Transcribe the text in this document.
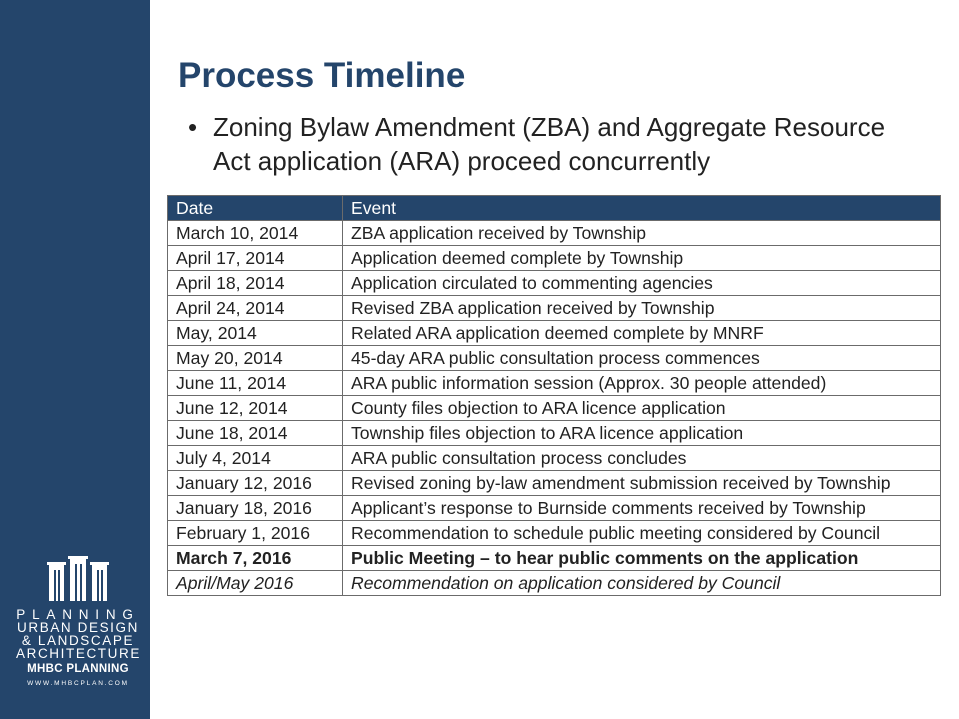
PLANNING
URBAN DESIGN
& LANDSCAPE
ARCHITECTURE
MHBC PLANNING
WWW.MHBCPLAN.COM
Process Timeline
• Zoning Bylaw Amendment (ZBA) and Aggregate Resource Act application (ARA) proceed concurrently
Date	Event
March 10, 2014	ZBA application received by Township
April 17, 2014	Application deemed complete by Township
April 18, 2014	Application circulated to commenting agencies
April 24, 2014	Revised ZBA application received by Township
May, 2014	Related ARA application deemed complete by MNRF
May 20, 2014	45-day ARA public consultation process commences
June 11, 2014	ARA public information session (Approx. 30 people attended)
June 12, 2014	County files objection to ARA licence application
June 18, 2014	Township files objection to ARA licence application
July 4, 2014	ARA public consultation process concludes
January 12, 2016	Revised zoning by-law amendment submission received by Township
January 18, 2016	Applicant’s response to Burnside comments received by Township
February 1, 2016	Recommendation to schedule public meeting considered by Council
March 7, 2016	Public Meeting – to hear public comments on the application
April/May 2016	Recommendation on application considered by Council
